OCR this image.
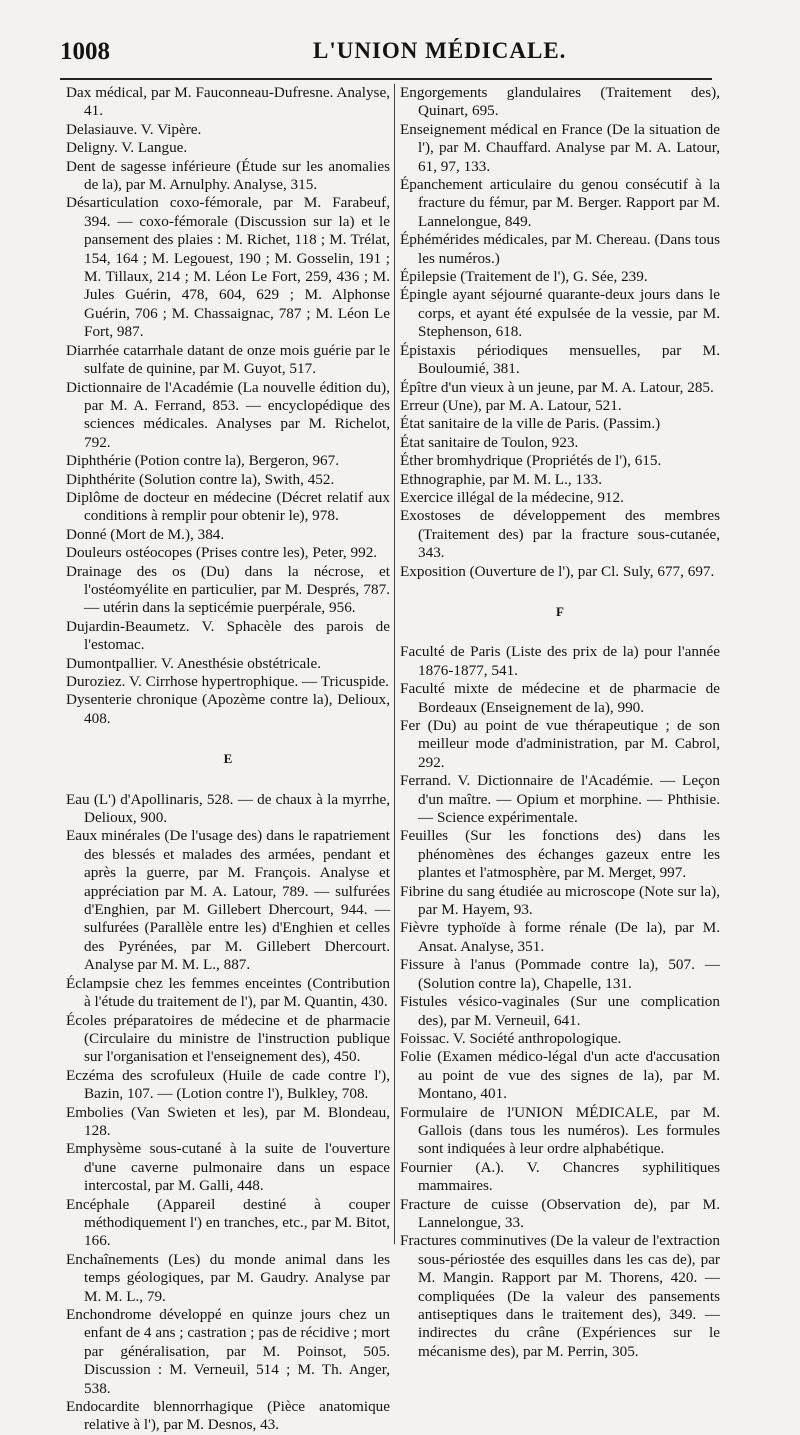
1008	L'UNION MÉDICALE.

Dax médical, par M. Fauconneau-Dufresne. Analyse, 41.

Delasiauve. V. Vipère.

Deligny. V. Langue.

Dent de sagesse inférieure (Étude sur les anomalies de la), par M. Arnulphy. Analyse, 315.

Désarticulation coxo-fémorale, par M. Farabeuf, 394. — coxo-fémorale (Discussion sur la) et le pansement des plaies : M. Richet, 118 ; M. Trélat, 154, 164 ; M. Legouest, 190 ; M. Gosselin, 191 ; M. Tillaux, 214 ; M. Léon Le Fort, 259, 436 ; M. Jules Guérin, 478, 604, 629 ; M. Alphonse Guérin, 706 ; M. Chassaignac, 787 ; M. Léon Le Fort, 987.

Diarrhée catarrhale datant de onze mois guérie par le sulfate de quinine, par M. Guyot, 517.

Dictionnaire de l'Académie (La nouvelle édition du), par M. A. Ferrand, 853. — encyclopédique des sciences médicales. Analyses par M. Richelot, 792.

Diphthérie (Potion contre la), Bergeron, 967.

Diphthérite (Solution contre la), Swith, 452.

Diplôme de docteur en médecine (Décret relatif aux conditions à remplir pour obtenir le), 978.

Donné (Mort de M.), 384.

Douleurs ostéocopes (Prises contre les), Peter, 992.

Drainage des os (Du) dans la nécrose, et l'ostéomyélite en particulier, par M. Després, 787. — utérin dans la septicémie puerpérale, 956.

Dujardin-Beaumetz. V. Sphacèle des parois de l'estomac.

Dumontpallier. V. Anesthésie obstétricale.

Duroziez. V. Cirrhose hypertrophique. — Tricuspide.

Dysenterie chronique (Apozème contre la), Delioux, 408.

E

Eau (L') d'Apollinaris, 528. — de chaux à la myrrhe, Delioux, 900.

Eaux minérales (De l'usage des) dans le rapatriement des blessés et malades des armées, pendant et après la guerre, par M. François. Analyse et appréciation par M. A. Latour, 789. — sulfurées d'Enghien, par M. Gillebert Dhercourt, 944. — sulfurées (Parallèle entre les) d'Enghien et celles des Pyrénées, par M. Gillebert Dhercourt. Analyse par M. M. L., 887.

Éclampsie chez les femmes enceintes (Contribution à l'étude du traitement de l'), par M. Quantin, 430.

Écoles préparatoires de médecine et de pharmacie (Circulaire du ministre de l'instruction publique sur l'organisation et l'enseignement des), 450.

Eczéma des scrofuleux (Huile de cade contre l'), Bazin, 107. — (Lotion contre l'), Bulkley, 708.

Embolies (Van Swieten et les), par M. Blondeau, 128.

Emphysème sous-cutané à la suite de l'ouverture d'une caverne pulmonaire dans un espace intercostal, par M. Galli, 448.

Encéphale (Appareil destiné à couper méthodiquement l') en tranches, etc., par M. Bitot, 166.

Enchaînements (Les) du monde animal dans les temps géologiques, par M. Gaudry. Analyse par M. M. L., 79.

Enchondrome développé en quinze jours chez un enfant de 4 ans ; castration ; pas de récidive ; mort par généralisation, par M. Poinsot, 505. Discussion : M. Verneuil, 514 ; M. Th. Anger, 538.

Endocardite blennorrhagique (Pièce anatomique relative à l'), par M. Desnos, 43.

Engorgements glandulaires (Traitement des), Quinart, 695.

Enseignement médical en France (De la situation de l'), par M. Chauffard. Analyse par M. A. Latour, 61, 97, 133.

Épanchement articulaire du genou consécutif à la fracture du fémur, par M. Berger. Rapport par M. Lannelongue, 849.

Éphémérides médicales, par M. Chereau. (Dans tous les numéros.)

Épilepsie (Traitement de l'), G. Sée, 239.

Épingle ayant séjourné quarante-deux jours dans le corps, et ayant été expulsée de la vessie, par M. Stephenson, 618.

Épistaxis périodiques mensuelles, par M. Bouloumié, 381.

Épître d'un vieux à un jeune, par M. A. Latour, 285.

Erreur (Une), par M. A. Latour, 521.

État sanitaire de la ville de Paris. (Passim.)

État sanitaire de Toulon, 923.

Éther bromhydrique (Propriétés de l'), 615.

Ethnographie, par M. M. L., 133.

Exercice illégal de la médecine, 912.

Exostoses de développement des membres (Traitement des) par la fracture sous-cutanée, 343.

Exposition (Ouverture de l'), par Cl. Suly, 677, 697.

F

Faculté de Paris (Liste des prix de la) pour l'année 1876-1877, 541.

Faculté mixte de médecine et de pharmacie de Bordeaux (Enseignement de la), 990.

Fer (Du) au point de vue thérapeutique ; de son meilleur mode d'administration, par M. Cabrol, 292.

Ferrand. V. Dictionnaire de l'Académie. — Leçon d'un maître. — Opium et morphine. — Phthisie. — Science expérimentale.

Feuilles (Sur les fonctions des) dans les phénomènes des échanges gazeux entre les plantes et l'atmosphère, par M. Merget, 997.

Fibrine du sang étudiée au microscope (Note sur la), par M. Hayem, 93.

Fièvre typhoïde à forme rénale (De la), par M. Ansat. Analyse, 351.

Fissure à l'anus (Pommade contre la), 507. — (Solution contre la), Chapelle, 131.

Fistules vésico-vaginales (Sur une complication des), par M. Verneuil, 641.

Foissac. V. Société anthropologique.

Folie (Examen médico-légal d'un acte d'accusation au point de vue des signes de la), par M. Montano, 401.

Formulaire de l'UNION MÉDICALE, par M. Gallois (dans tous les numéros). Les formules sont indiquées à leur ordre alphabétique.

Fournier (A.). V. Chancres syphilitiques mammaires.

Fracture de cuisse (Observation de), par M. Lannelongue, 33.

Fractures comminutives (De la valeur de l'extraction sous-périostée des esquilles dans les cas de), par M. Mangin. Rapport par M. Thorens, 420. — compliquées (De la valeur des pansements antiseptiques dans le traitement des), 349. — indirectes du crâne (Expériences sur le mécanisme des), par M. Perrin, 305.
